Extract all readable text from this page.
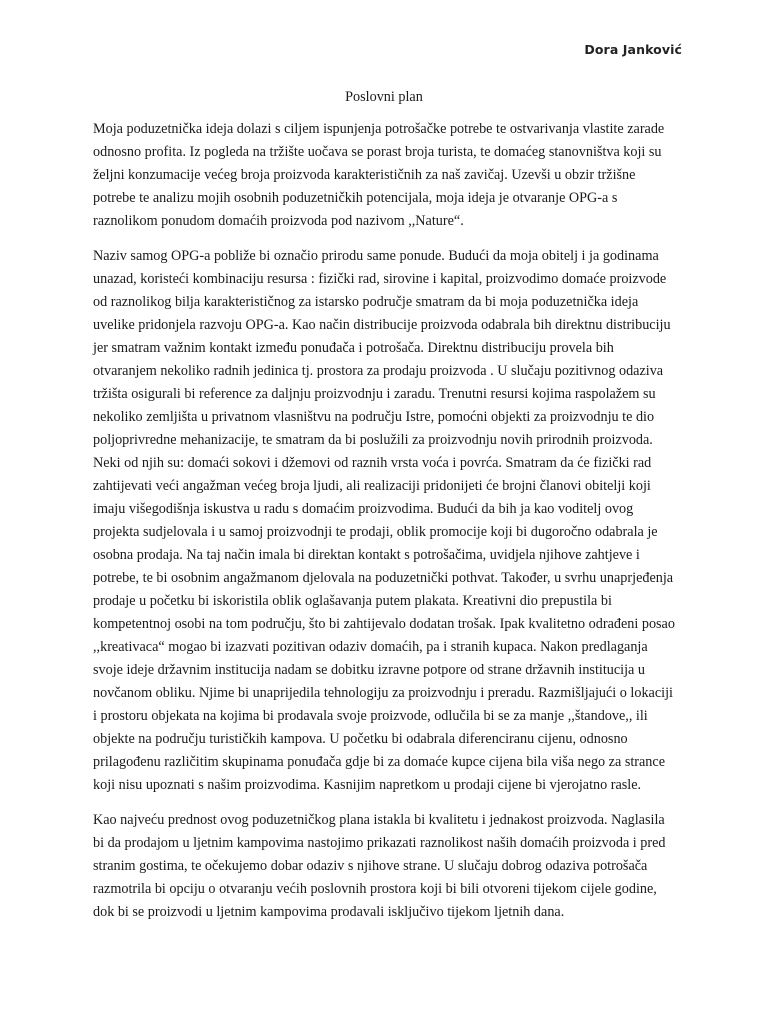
Dora Janković
Poslovni plan

Moja poduzetnička ideja dolazi s ciljem ispunjenja potrošačke potrebe te ostvarivanja vlastite zarade
odnosno profita. Iz pogleda na tržište uočava se porast broja turista, te domaćeg stanovništva koji su
željni konzumacije većeg broja proizvoda karakterističnih za naš zavičaj. Uzevši u obzir tržišne
potrebe te analizu mojih osobnih poduzetničkih potencijala, moja ideja je otvaranje OPG-a s
raznolikom ponudom domaćih proizvoda pod nazivom ,,Nature“.

Naziv samog OPG-a pobliže bi označio prirodu same ponude. Budući da moja obitelj i ja godinama
unazad, koristeći kombinaciju resursa : fizički rad, sirovine i kapital, proizvodimo domaće proizvode
od raznolikog bilja karakterističnog za istarsko područje smatram da bi moja poduzetnička ideja
uvelike pridonjela razvoju OPG-a. Kao način distribucije proizvoda odabrala bih direktnu distribuciju
jer smatram važnim kontakt između ponuđača i potrošača. Direktnu distribuciju provela bih
otvaranjem nekoliko radnih jedinica tj. prostora za prodaju proizvoda . U slučaju pozitivnog odaziva
tržišta osigurali bi reference za daljnju proizvodnju i zaradu. Trenutni resursi kojima raspolažem su
nekoliko zemljišta u privatnom vlasništvu na području Istre, pomoćni objekti za proizvodnju te dio
poljoprivredne mehanizacije, te smatram da bi poslužili za proizvodnju novih prirodnih proizvoda.
Neki od njih su: domaći sokovi i džemovi od raznih vrsta voća i povrća. Smatram da će fizički rad
zahtijevati veći angažman većeg broja ljudi, ali realizaciji pridonijeti će brojni članovi obitelji koji
imaju višegodišnja iskustva u radu s domaćim proizvodima. Budući da bih ja kao voditelj ovog
projekta sudjelovala i u samoj proizvodnji te prodaji, oblik promocije koji bi dugoročno odabrala je
osobna prodaja. Na taj način imala bi direktan kontakt s potrošačima, uvidjela njihove zahtjeve i
potrebe, te bi osobnim angažmanom djelovala na poduzetnički pothvat. Također, u svrhu unaprjeđenja
prodaje u početku bi iskoristila oblik oglašavanja putem plakata. Kreativni dio prepustila bi
kompetentnoj osobi na tom području, što bi zahtijevalo dodatan trošak. Ipak kvalitetno odrađeni posao
,,kreativaca“ mogao bi izazvati pozitivan odaziv domaćih, pa i stranih kupaca. Nakon predlaganja
svoje ideje državnim institucija nadam se dobitku izravne potpore od strane državnih institucija u
novčanom obliku. Njime bi unaprijedila tehnologiju za proizvodnju i preradu. Razmišljajući o lokaciji
i prostoru objekata na kojima bi prodavala svoje proizvode, odlučila bi se za manje ,,štandove,, ili
objekte na području turističkih kampova. U početku bi odabrala diferenciranu cijenu, odnosno
prilagođenu različitim skupinama ponuđača gdje bi za domaće kupce cijena bila viša nego za strance
koji nisu upoznati s našim proizvodima. Kasnijim napretkom u prodaji cijene bi vjerojatno rasle.

Kao najveću prednost ovog poduzetničkog plana istakla bi kvalitetu i jednakost proizvoda. Naglasila
bi da prodajom u ljetnim kampovima nastojimo prikazati raznolikost naših domaćih proizvoda i pred
stranim gostima, te očekujemo dobar odaziv s njihove strane. U slučaju dobrog odaziva potrošača
razmotrila bi opciju o otvaranju većih poslovnih prostora koji bi bili otvoreni tijekom cijele godine,
dok bi se proizvodi u ljetnim kampovima prodavali isključivo tijekom ljetnih dana.
